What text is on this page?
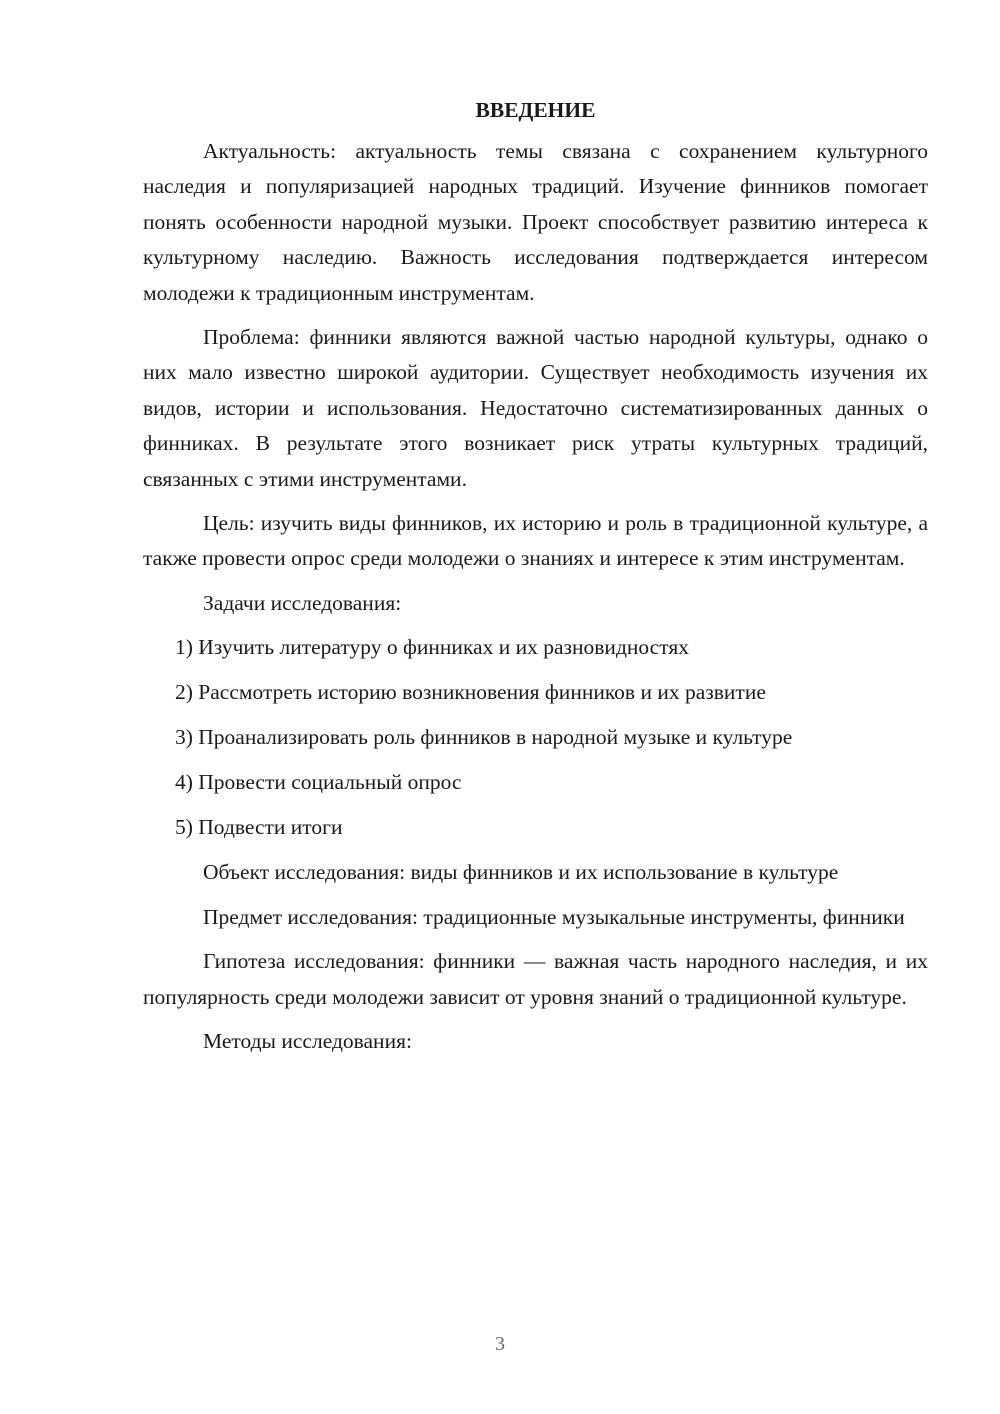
ВВЕДЕНИЕ

Актуальность: актуальность темы связана с сохранением культурного наследия и популяризацией народных традиций. Изучение финников помогает понять особенности народной музыки. Проект способствует развитию интереса к культурному наследию. Важность исследования подтверждается интересом молодежи к традиционным инструментам.

Проблема: финники являются важной частью народной культуры, однако о них мало известно широкой аудитории. Существует необходимость изучения их видов, истории и использования. Недостаточно систематизированных данных о финниках. В результате этого возникает риск утраты культурных традиций, связанных с этими инструментами.

Цель: изучить виды финников, их историю и роль в традиционной культуре, а также провести опрос среди молодежи о знаниях и интересе к этим инструментам.

Задачи исследования:

1) Изучить литературу о финниках и их разновидностях
2) Рассмотреть историю возникновения финников и их развитие
3) Проанализировать роль финников в народной музыке и культуре
4) Провести социальный опрос
5) Подвести итоги

Объект исследования: виды финников и их использование в культуре

Предмет исследования: традиционные музыкальные инструменты, финники

Гипотеза исследования: финники — важная часть народного наследия, и их популярность среди молодежи зависит от уровня знаний о традиционной культуре.

Методы исследования:

3
